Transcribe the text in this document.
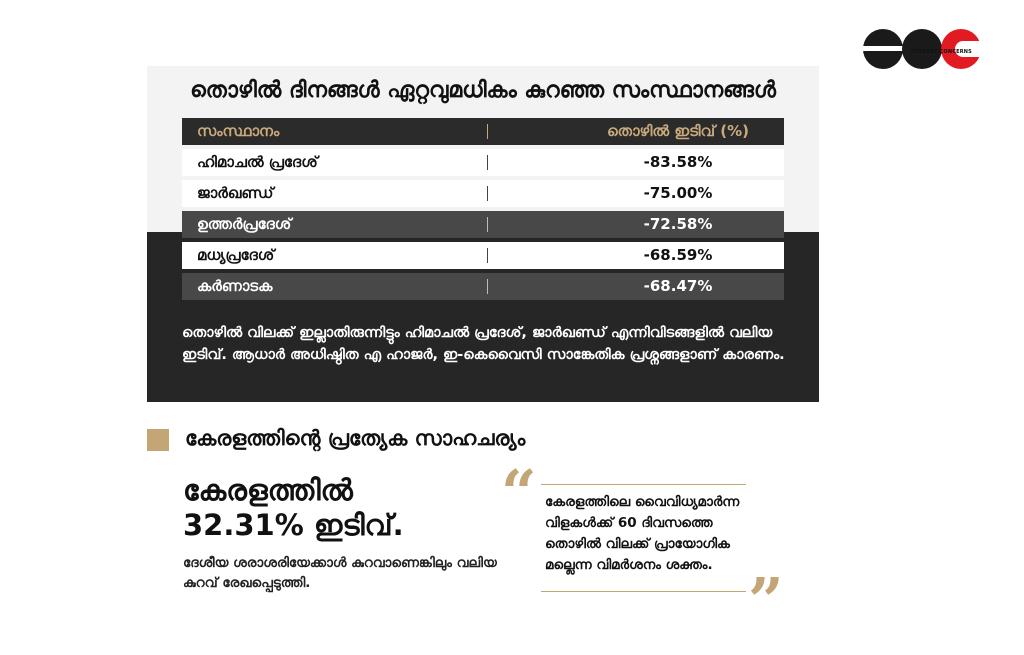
OFFBEAT CONCERNS
തൊഴിൽ ദിനങ്ങൾ ഏറ്റവുമധികം കുറഞ്ഞ സംസ്ഥാനങ്ങൾ
സംസ്ഥാനം	തൊഴിൽ ഇടിവ് (%)
ഹിമാചൽ പ്രദേശ്	-83.58%
ജാർഖണ്ഡ്	-75.00%
ഉത്തർപ്രദേശ്	-72.58%
മധ്യപ്രദേശ്	-68.59%
കർണാടക	-68.47%
തൊഴിൽ വിലക്ക് ഇല്ലാതിരുന്നിട്ടും ഹിമാചൽ പ്രദേശ്, ജാർഖണ്ഡ് എന്നിവിടങ്ങളിൽ വലിയ ഇടിവ്. ആധാർ അധിഷ്ഠിത എ ഹാജർ, ഇ-കെവൈസി സാങ്കേതിക പ്രശ്നങ്ങളാണ് കാരണം.
കേരളത്തിന്റെ പ്രത്യേക സാഹചര്യം
കേരളത്തിൽ
32.31% ഇടിവ്.
ദേശീയ ശരാശരിയേക്കാൾ കുറവാണെങ്കിലും വലിയ കുറവ് രേഖപ്പെടുത്തി.
“ കേരളത്തിലെ വൈവിധ്യമാർന്ന വിളകൾക്ക് 60 ദിവസത്തെ തൊഴിൽ വിലക്ക് പ്രായോഗിക മല്ലെന്ന വിമർശനം ശക്തം. ”
